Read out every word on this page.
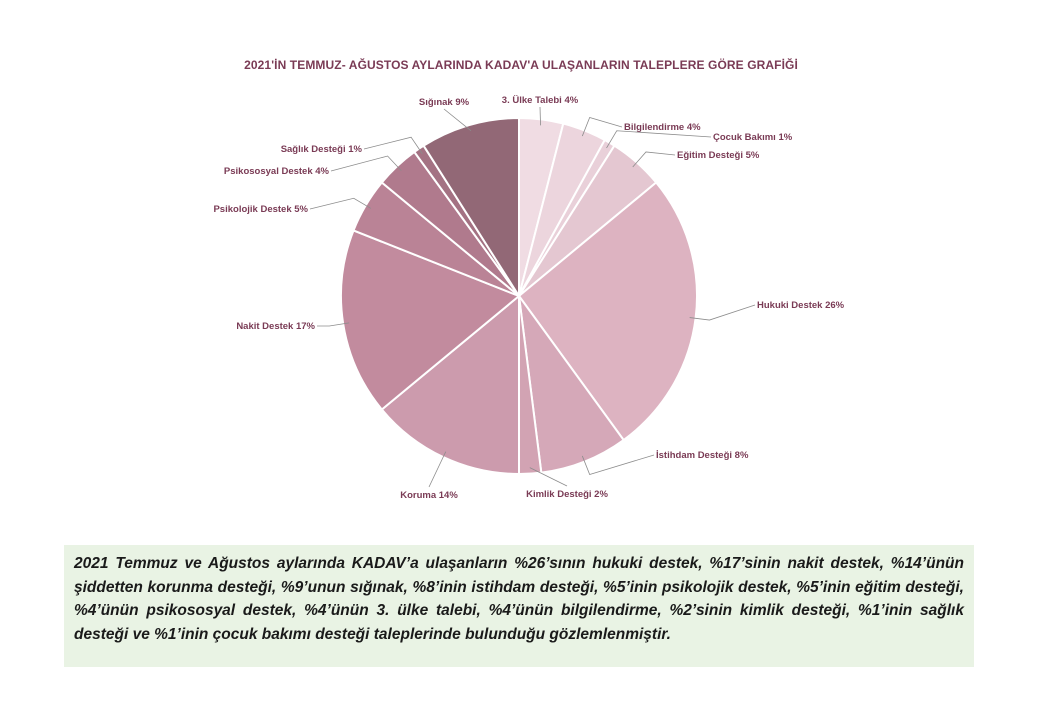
2021'İN TEMMUZ- AĞUSTOS AYLARINDA KADAV'A ULAŞANLARIN TALEPLERE GÖRE GRAFİĞİ
3. Ülke Talebi 4%
Bilgilendirme 4%
Çocuk Bakımı 1%
Eğitim Desteği 5%
Hukuki Destek 26%
İstihdam Desteği 8%
Kimlik Desteği 2%
Koruma 14%
Nakit Destek 17%
Psikolojik Destek 5%
Psikososyal Destek 4%
Sağlık Desteği 1%
Sığınak 9%

2021 Temmuz ve Ağustos aylarında KADAV’a ulaşanların %26’sının hukuki destek, %17’sinin nakit destek, %14’ünün şiddetten korunma desteği, %9’unun sığınak, %8’inin istihdam desteği, %5’inin psikolojik destek, %5’inin eğitim desteği, %4’ünün psikososyal destek, %4’ünün 3. ülke talebi, %4’ünün bilgilendirme, %2’sinin kimlik desteği, %1’inin sağlık desteği ve %1’inin çocuk bakımı desteği taleplerinde bulunduğu gözlemlenmiştir.
